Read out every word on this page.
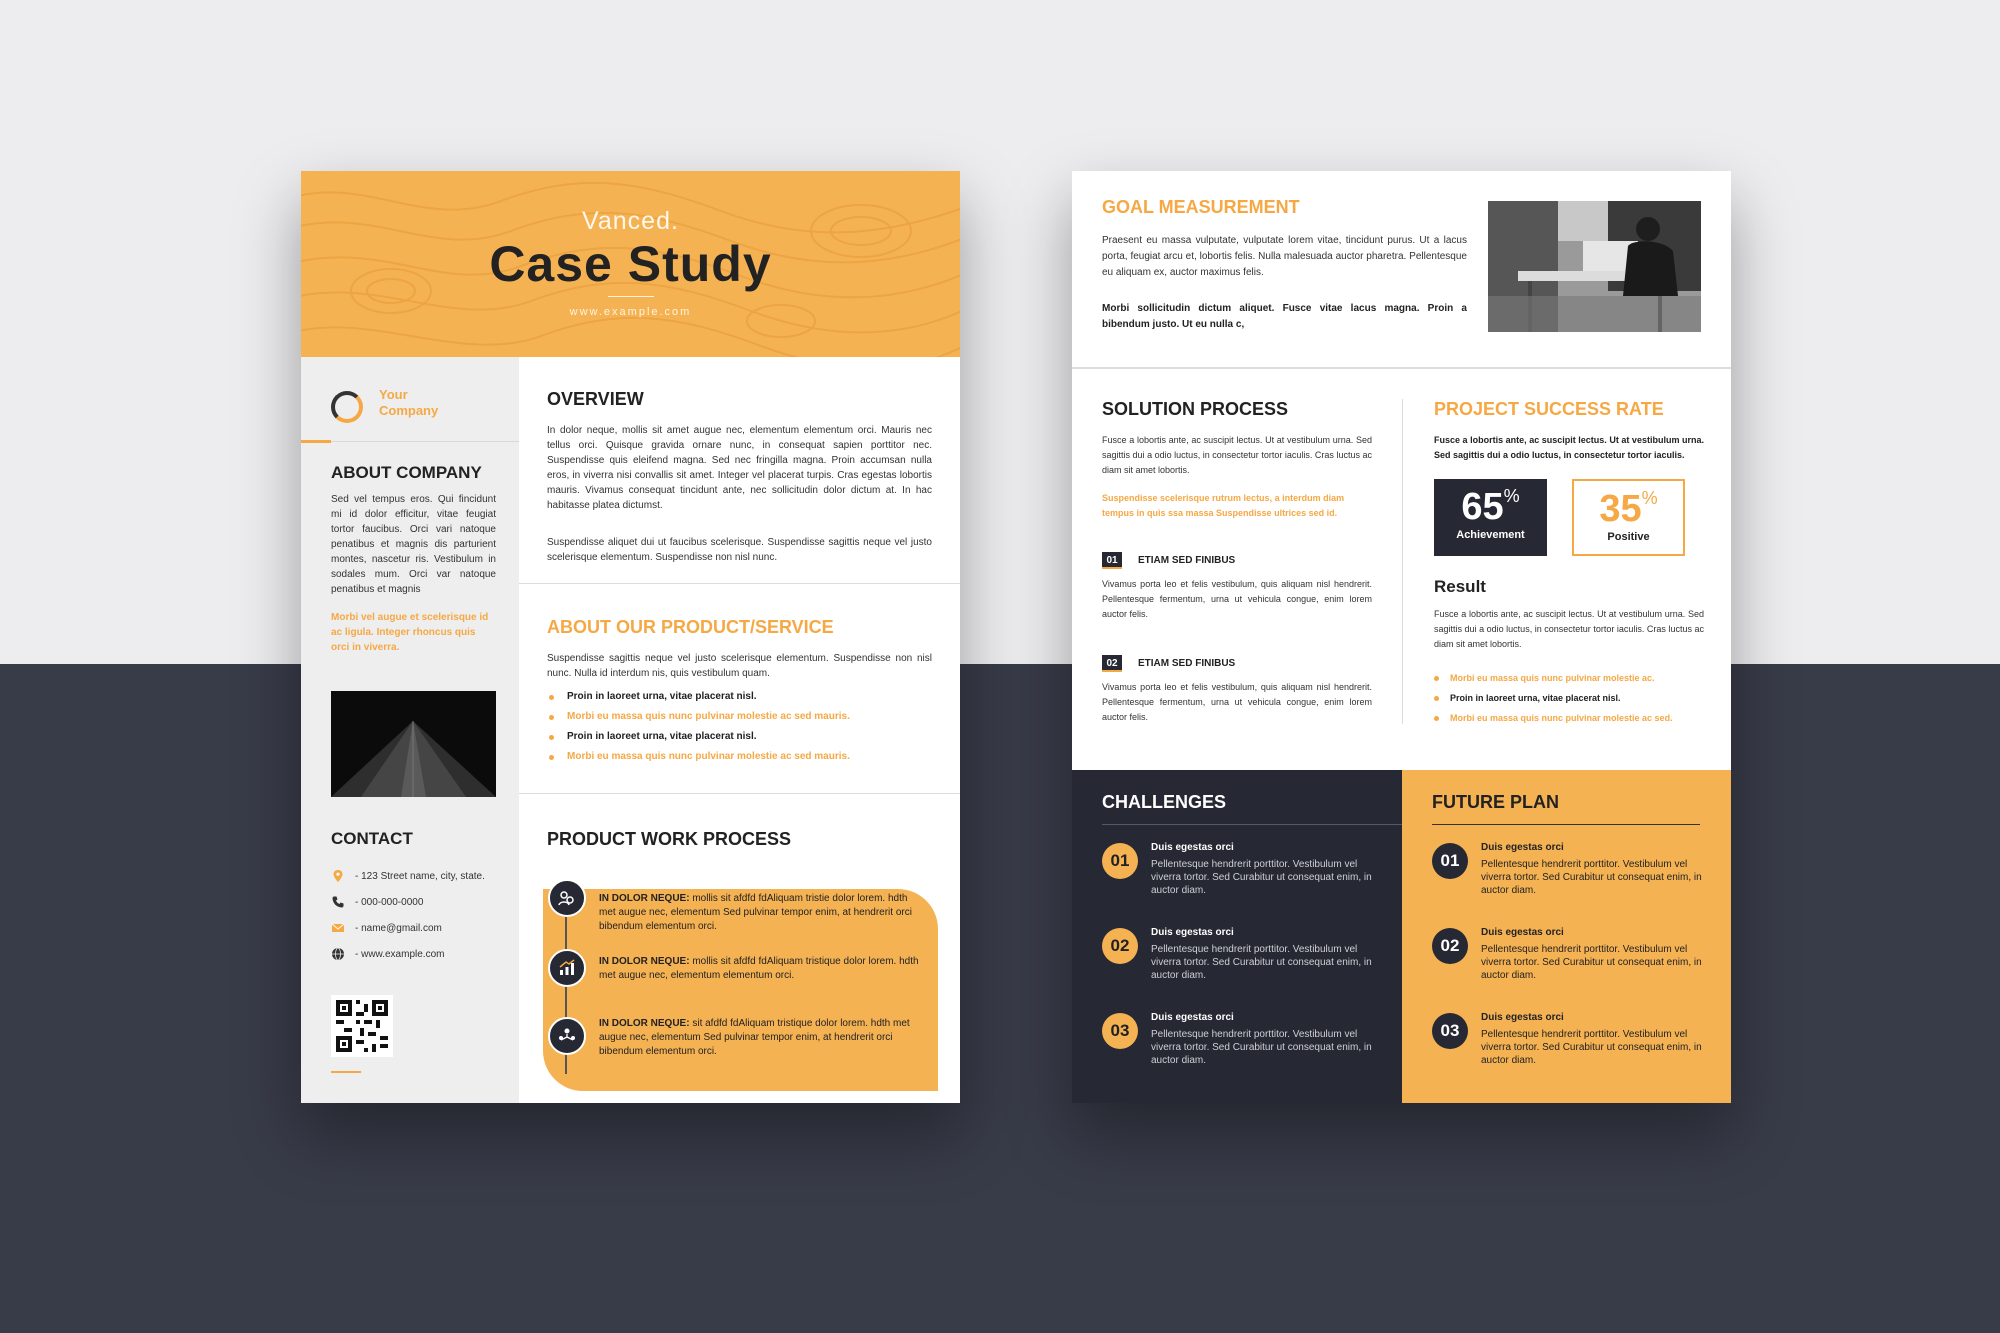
Vanced.
Case Study
www.example.com
Your
Company
ABOUT COMPANY
Sed vel tempus eros. Qui fincidunt mi id dolor efficitur, vitae feugiat tortor faucibus. Orci vari natoque penatibus et magnis dis parturient montes, nascetur ris. Vestibulum in sodales mum. Orci var natoque penatibus et magnis
Morbi vel augue et scelerisque id ac ligula. Integer rhoncus quis orci in viverra.
CONTACT
- 123 Street name, city, state.
- 000-000-0000
- name@gmail.com
- www.example.com
OVERVIEW
In dolor neque, mollis sit amet augue nec, elementum elementum orci. Mauris nec tellus orci. Quisque gravida ornare nunc, in consequat sapien porttitor nec. Suspendisse quis eleifend magna. Sed nec fringilla magna. Proin accumsan nulla eros, in viverra nisi convallis sit amet. Integer vel placerat turpis. Cras egestas lobortis mauris. Vivamus consequat tincidunt ante, nec sollicitudin dolor dictum at. In hac habitasse platea dictumst.
Suspendisse aliquet dui ut faucibus scelerisque. Suspendisse sagittis neque vel justo scelerisque elementum. Suspendisse non nisl nunc.
ABOUT OUR PRODUCT/SERVICE
Suspendisse sagittis neque vel justo scelerisque elementum. Suspendisse non nisl nunc. Nulla id interdum nis, quis vestibulum quam.
Proin in laoreet urna, vitae placerat nisl.
Morbi eu massa quis nunc pulvinar molestie ac sed mauris.
Proin in laoreet urna, vitae placerat nisl.
Morbi eu massa quis nunc pulvinar molestie ac sed mauris.
PRODUCT WORK PROCESS
IN DOLOR NEQUE: mollis sit afdfd fdAliquam tristie dolor lorem. hdth met augue nec, elementum Sed pulvinar tempor enim, at hendrerit orci bibendum elementum orci.
IN DOLOR NEQUE: mollis sit afdfd fdAliquam tristique dolor lorem. hdth met augue nec, elementum elementum orci.
IN DOLOR NEQUE: sit afdfd fdAliquam tristique dolor lorem. hdth met augue nec, elementum Sed pulvinar tempor enim, at hendrerit orci bibendum elementum orci.
GOAL MEASUREMENT
Praesent eu massa vulputate, vulputate lorem vitae, tincidunt purus. Ut a lacus porta, feugiat arcu et, lobortis felis. Nulla malesuada auctor pharetra. Pellentesque eu aliquam ex, auctor maximus felis.
Morbi sollicitudin dictum aliquet. Fusce vitae lacus magna. Proin a bibendum justo. Ut eu nulla c,
SOLUTION PROCESS
Fusce a lobortis ante, ac suscipit lectus. Ut at vestibulum urna. Sed sagittis dui a odio luctus, in consectetur tortor iaculis. Cras luctus ac diam sit amet lobortis.
Suspendisse scelerisque rutrum lectus, a interdum diam tempus in quis ssa massa Suspendisse ultrices sed id.
01	ETIAM SED FINIBUS
Vivamus porta leo et felis vestibulum, quis aliquam nisl hendrerit. Pellentesque fermentum, urna ut vehicula congue, enim lorem auctor felis.
02	ETIAM SED FINIBUS
Vivamus porta leo et felis vestibulum, quis aliquam nisl hendrerit. Pellentesque fermentum, urna ut vehicula congue, enim lorem auctor felis.
PROJECT SUCCESS RATE
Fusce a lobortis ante, ac suscipit lectus. Ut at vestibulum urna. Sed sagittis dui a odio luctus, in consectetur tortor iaculis.
65%
Achievement
35%
Positive
Result
Fusce a lobortis ante, ac suscipit lectus. Ut at vestibulum urna. Sed sagittis dui a odio luctus, in consectetur tortor iaculis. Cras luctus ac diam sit amet lobortis.
Morbi eu massa quis nunc pulvinar molestie ac.
Proin in laoreet urna, vitae placerat nisl.
Morbi eu massa quis nunc pulvinar molestie ac sed.
CHALLENGES
01
Duis egestas orci
Pellentesque hendrerit porttitor. Vestibulum vel viverra tortor. Sed Curabitur ut consequat enim, in auctor diam.
02
Duis egestas orci
Pellentesque hendrerit porttitor. Vestibulum vel viverra tortor. Sed Curabitur ut consequat enim, in auctor diam.
03
Duis egestas orci
Pellentesque hendrerit porttitor. Vestibulum vel viverra tortor. Sed Curabitur ut consequat enim, in auctor diam.
FUTURE PLAN
01
Duis egestas orci
Pellentesque hendrerit porttitor. Vestibulum vel viverra tortor. Sed Curabitur ut consequat enim, in auctor diam.
02
Duis egestas orci
Pellentesque hendrerit porttitor. Vestibulum vel viverra tortor. Sed Curabitur ut consequat enim, in auctor diam.
03
Duis egestas orci
Pellentesque hendrerit porttitor. Vestibulum vel viverra tortor. Sed Curabitur ut consequat enim, in auctor diam.
